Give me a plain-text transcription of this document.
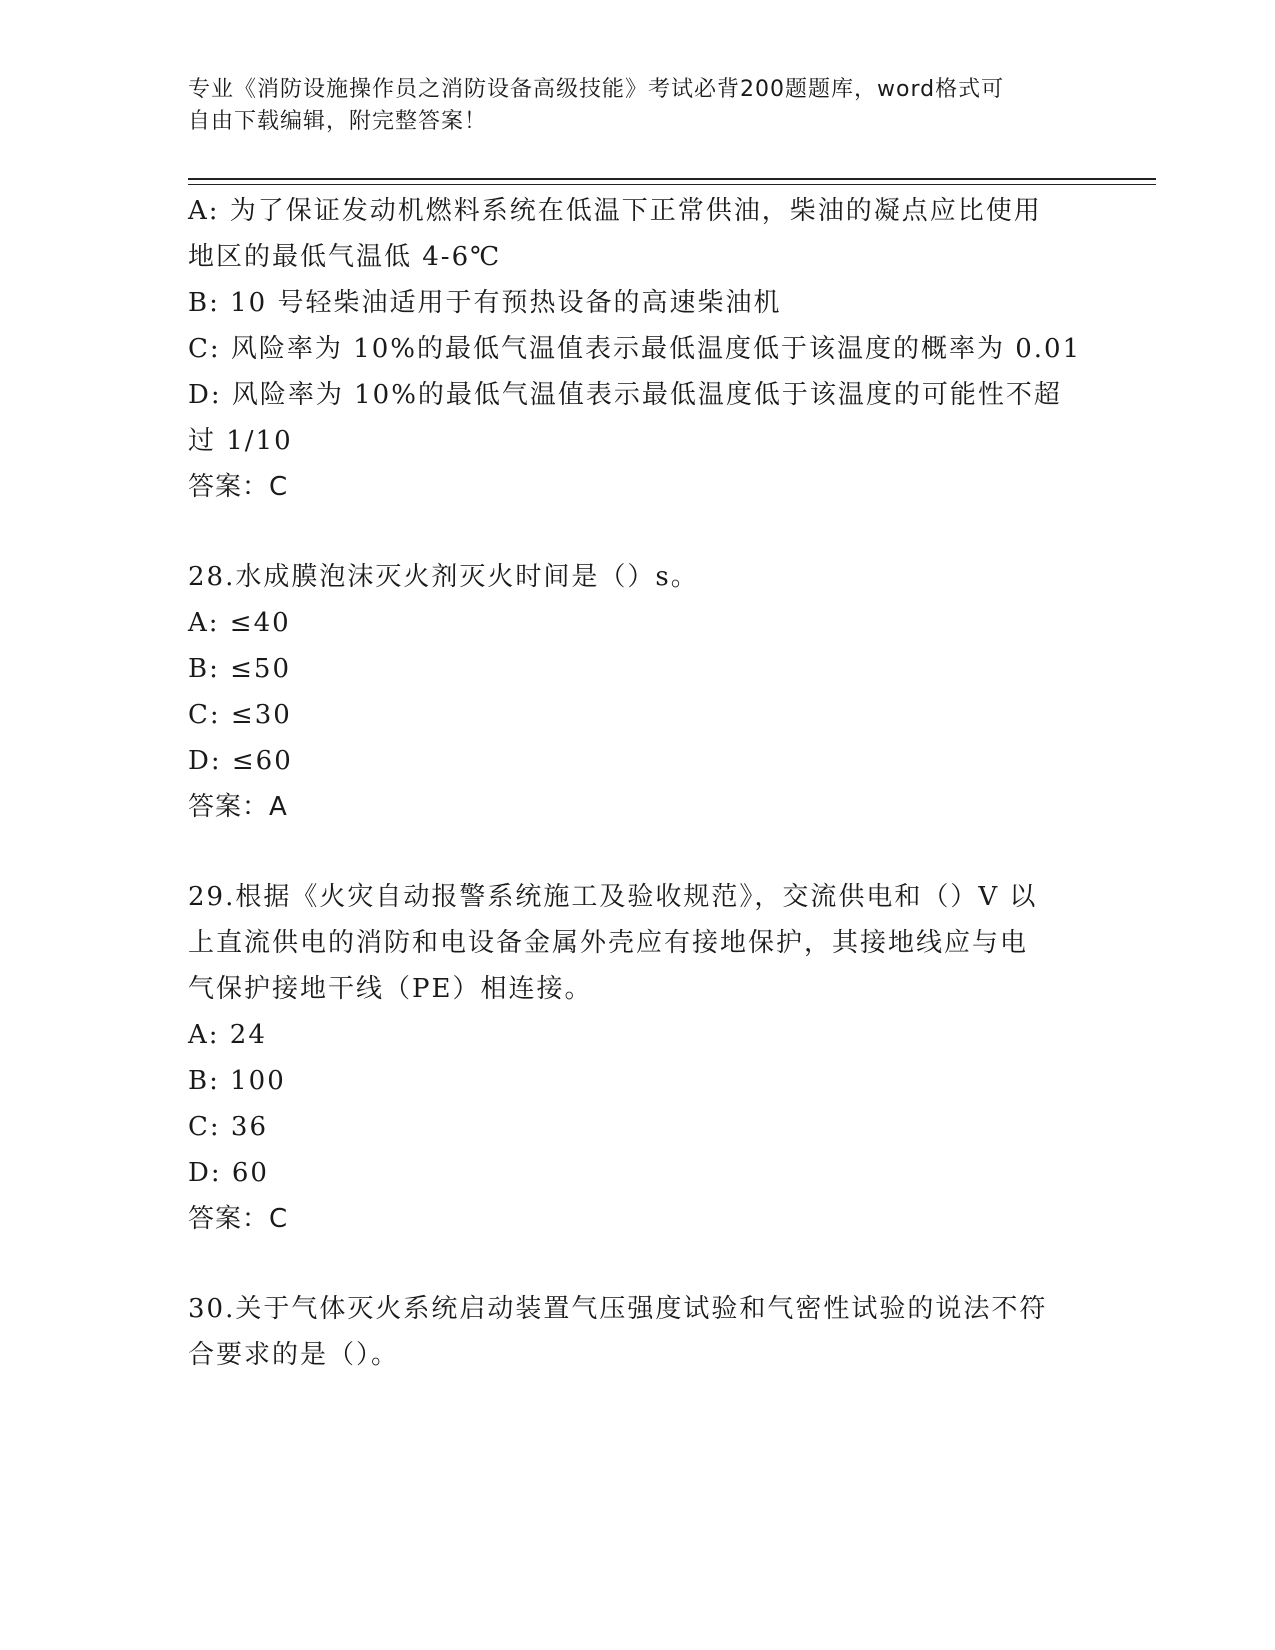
专业《消防设施操作员之消防设备高级技能》考试必背200题题库，word格式可
自由下载编辑，附完整答案！
A: 为了保证发动机燃料系统在低温下正常供油，柴油的凝点应比使用
地区的最低气温低 4-6℃
B: 10 号轻柴油适用于有预热设备的高速柴油机
C: 风险率为 10%的最低气温值表示最低温度低于该温度的概率为 0.01
D: 风险率为 10%的最低气温值表示最低温度低于该温度的可能性不超
过 1/10
答案：C
28.水成膜泡沫灭火剂灭火时间是（）s。
A: ≤40
B: ≤50
C: ≤30
D: ≤60
答案：A
29.根据《火灾自动报警系统施工及验收规范》，交流供电和（）V 以
上直流供电的消防和电设备金属外壳应有接地保护，其接地线应与电
气保护接地干线（PE）相连接。
A: 24
B: 100
C: 36
D: 60
答案：C
30.关于气体灭火系统启动装置气压强度试验和气密性试验的说法不符
合要求的是（）。
